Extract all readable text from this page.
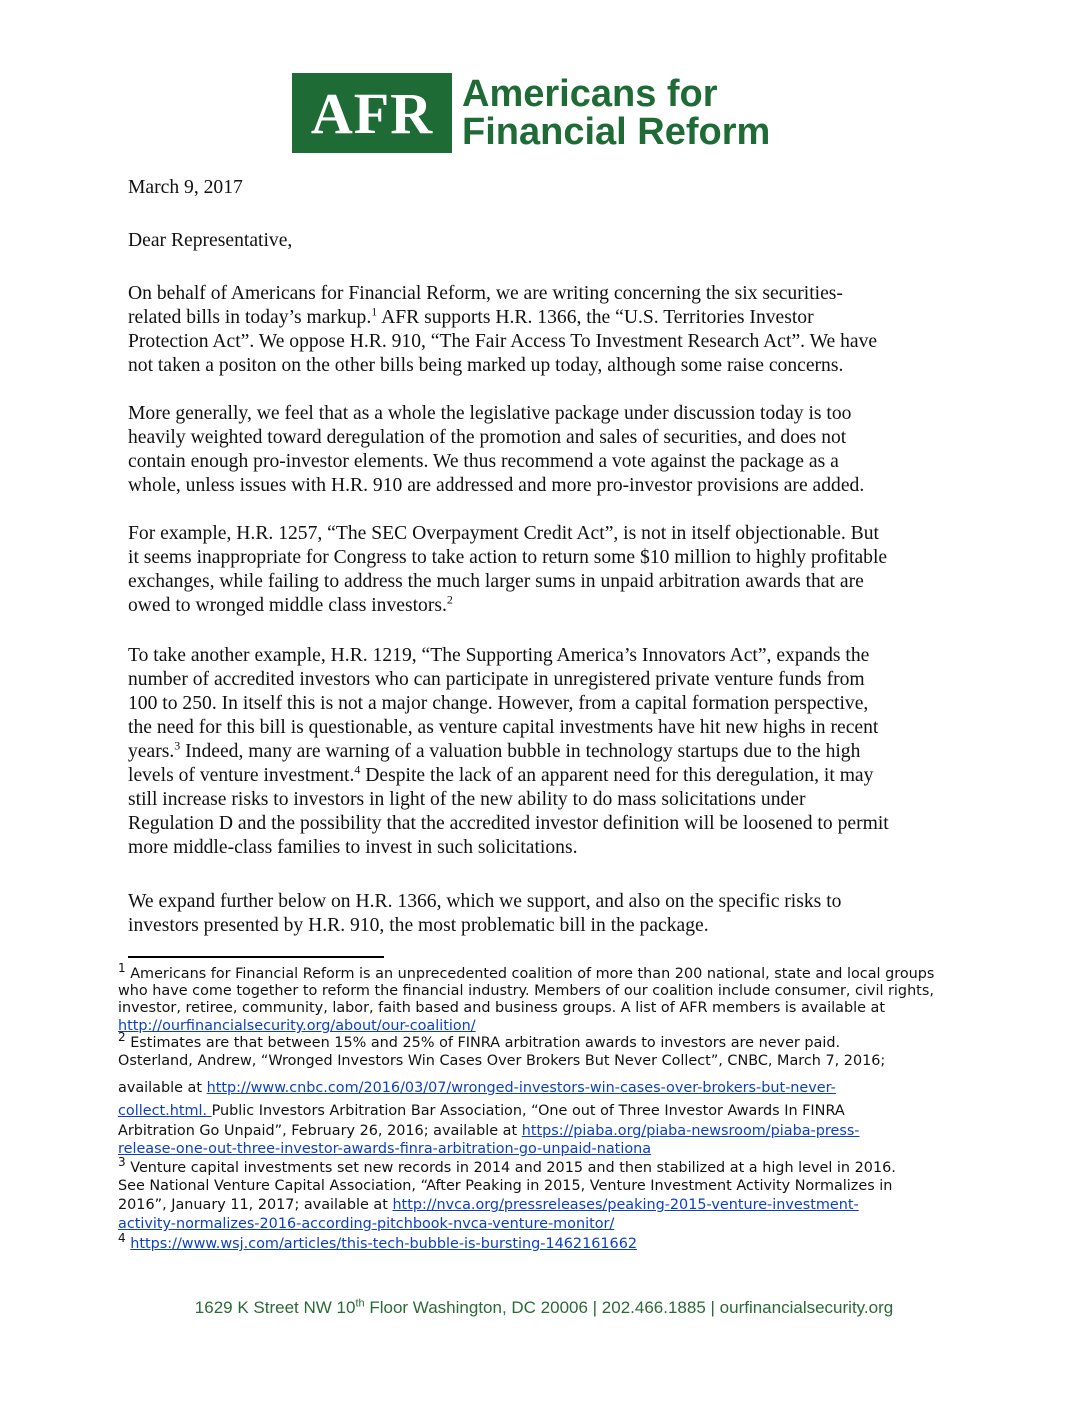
AFR Americans for
Financial Reform
March 9, 2017
Dear Representative,
On behalf of Americans for Financial Reform, we are writing concerning the six securities-
related bills in today’s markup.$^1$ AFR supports H.R. 1366, the “U.S. Territories Investor
Protection Act”. We oppose H.R. 910, “The Fair Access To Investment Research Act”. We have
not taken a positon on the other bills being marked up today, although some raise concerns.
More generally, we feel that as a whole the legislative package under discussion today is too
heavily weighted toward deregulation of the promotion and sales of securities, and does not
contain enough pro-investor elements. We thus recommend a vote against the package as a
whole, unless issues with H.R. 910 are addressed and more pro-investor provisions are added.
For example, H.R. 1257, “The SEC Overpayment Credit Act”, is not in itself objectionable. But
it seems inappropriate for Congress to take action to return some $10 million to highly profitable
exchanges, while failing to address the much larger sums in unpaid arbitration awards that are
owed to wronged middle class investors.$^2$
To take another example, H.R. 1219, “The Supporting America’s Innovators Act”, expands the
number of accredited investors who can participate in unregistered private venture funds from
100 to 250. In itself this is not a major change. However, from a capital formation perspective,
the need for this bill is questionable, as venture capital investments have hit new highs in recent
years.$^3$ Indeed, many are warning of a valuation bubble in technology startups due to the high
levels of venture investment.$^4$ Despite the lack of an apparent need for this deregulation, it may
still increase risks to investors in light of the new ability to do mass solicitations under
Regulation D and the possibility that the accredited investor definition will be loosened to permit
more middle-class families to invest in such solicitations.
We expand further below on H.R. 1366, which we support, and also on the specific risks to
investors presented by H.R. 910, the most problematic bill in the package.
$^1$ Americans for Financial Reform is an unprecedented coalition of more than 200 national, state and local groups
who have come together to reform the financial industry. Members of our coalition include consumer, civil rights,
investor, retiree, community, labor, faith based and business groups. A list of AFR members is available at
http://ourfinancialsecurity.org/about/our-coalition/
$^2$ Estimates are that between 15% and 25% of FINRA arbitration awards to investors are never paid.
Osterland, Andrew, “Wronged Investors Win Cases Over Brokers But Never Collect”, CNBC, March 7, 2016;
available at http://www.cnbc.com/2016/03/07/wronged-investors-win-cases-over-brokers-but-never-
collect.html. Public Investors Arbitration Bar Association, “One out of Three Investor Awards In FINRA
Arbitration Go Unpaid”, February 26, 2016; available at https://piaba.org/piaba-newsroom/piaba-press-
release-one-out-three-investor-awards-finra-arbitration-go-unpaid-nationa
$^3$ Venture capital investments set new records in 2014 and 2015 and then stabilized at a high level in 2016.
See National Venture Capital Association, “After Peaking in 2015, Venture Investment Activity Normalizes in
2016”, January 11, 2017; available at http://nvca.org/pressreleases/peaking-2015-venture-investment-
activity-normalizes-2016-according-pitchbook-nvca-venture-monitor/
$^4$ https://www.wsj.com/articles/this-tech-bubble-is-bursting-1462161662
1629 K Street NW 10th Floor Washington, DC 20006 | 202.466.1885 | ourfinancialsecurity.org
